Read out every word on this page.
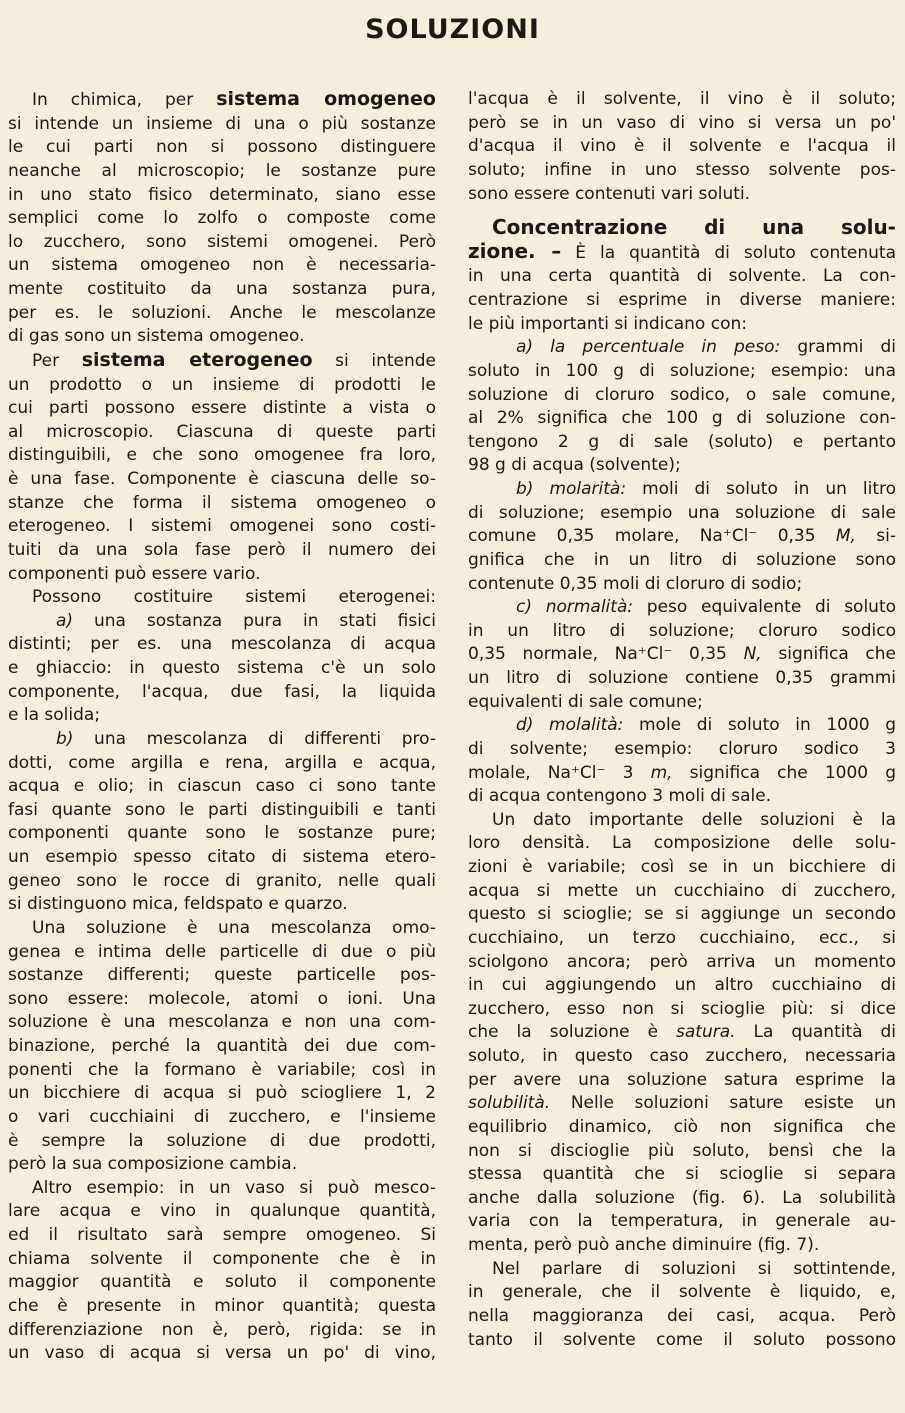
SOLUZIONI

In chimica, per sistema omogeneo

si intende un insieme di una o più sostanze

le cui parti non si possono distinguere

neanche al microscopio; le sostanze pure

in uno stato fisico determinato, siano esse

semplici come lo zolfo o composte come

lo zucchero, sono sistemi omogenei. Però

un sistema omogeneo non è necessaria-

mente costituito da una sostanza pura,

per es. le soluzioni. Anche le mescolanze

di gas sono un sistema omogeneo.

Per sistema eterogeneo si intende

un prodotto o un insieme di prodotti le

cui parti possono essere distinte a vista o

al microscopio. Ciascuna di queste parti

distinguibili, e che sono omogenee fra loro,

è una fase. Componente è ciascuna delle so-

stanze che forma il sistema omogeneo o

eterogeneo. I sistemi omogenei sono costi-

tuiti da una sola fase però il numero dei

componenti può essere vario.

Possono costituire sistemi eterogenei:

a) una sostanza pura in stati fisici

distinti; per es. una mescolanza di acqua

e ghiaccio: in questo sistema c'è un solo

componente, l'acqua, due fasi, la liquida

e la solida;

b) una mescolanza di differenti pro-

dotti, come argilla e rena, argilla e acqua,

acqua e olio; in ciascun caso ci sono tante

fasi quante sono le parti distinguibili e tanti

componenti quante sono le sostanze pure;

un esempio spesso citato di sistema etero-

geneo sono le rocce di granito, nelle quali

si distinguono mica, feldspato e quarzo.

Una soluzione è una mescolanza omo-

genea e intima delle particelle di due o più

sostanze differenti; queste particelle pos-

sono essere: molecole, atomi o ioni. Una

soluzione è una mescolanza e non una com-

binazione, perché la quantità dei due com-

ponenti che la formano è variabile; così in

un bicchiere di acqua si può sciogliere 1, 2

o vari cucchiaini di zucchero, e l'insieme

è sempre la soluzione di due prodotti,

però la sua composizione cambia.

Altro esempio: in un vaso si può mesco-

lare acqua e vino in qualunque quantità,

ed il risultato sarà sempre omogeneo. Si

chiama solvente il componente che è in

maggior quantità e soluto il componente

che è presente in minor quantità; questa

differenziazione non è, però, rigida: se in

un vaso di acqua si versa un po' di vino,

l'acqua è il solvente, il vino è il soluto;

però se in un vaso di vino si versa un po'

d'acqua il vino è il solvente e l'acqua il

soluto; infine in uno stesso solvente pos-

sono essere contenuti vari soluti.

Concentrazione di una solu-

zione. – È la quantità di soluto contenuta

in una certa quantità di solvente. La con-

centrazione si esprime in diverse maniere:

le più importanti si indicano con:

a) la percentuale in peso: grammi di

soluto in 100 g di soluzione; esempio: una

soluzione di cloruro sodico, o sale comune,

al 2% significa che 100 g di soluzione con-

tengono 2 g di sale (soluto) e pertanto

98 g di acqua (solvente);

b) molarità: moli di soluto in un litro

di soluzione; esempio una soluzione di sale

comune 0,35 molare, Na⁺Cl⁻ 0,35 M, si-

gnifica che in un litro di soluzione sono

contenute 0,35 moli di cloruro di sodio;

c) normalità: peso equivalente di soluto

in un litro di soluzione; cloruro sodico

0,35 normale, Na⁺Cl⁻ 0,35 N, significa che

un litro di soluzione contiene 0,35 grammi

equivalenti di sale comune;

d) molalità: mole di soluto in 1000 g

di solvente; esempio: cloruro sodico 3

molale, Na⁺Cl⁻ 3 m, significa che 1000 g

di acqua contengono 3 moli di sale.

Un dato importante delle soluzioni è la

loro densità. La composizione delle solu-

zioni è variabile; così se in un bicchiere di

acqua si mette un cucchiaino di zucchero,

questo si scioglie; se si aggiunge un secondo

cucchiaino, un terzo cucchiaino, ecc., si

sciolgono ancora; però arriva un momento

in cui aggiungendo un altro cucchiaino di

zucchero, esso non si scioglie più: si dice

che la soluzione è satura. La quantità di

soluto, in questo caso zucchero, necessaria

per avere una soluzione satura esprime la

solubilità. Nelle soluzioni sature esiste un

equilibrio dinamico, ciò non significa che

non si discioglie più soluto, bensì che la

stessa quantità che si scioglie si separa

anche dalla soluzione (fig. 6). La solubilità

varia con la temperatura, in generale au-

menta, però può anche diminuire (fig. 7).

Nel parlare di soluzioni si sottintende,

in generale, che il solvente è liquido, e,

nella maggioranza dei casi, acqua. Però

tanto il solvente come il soluto possono
